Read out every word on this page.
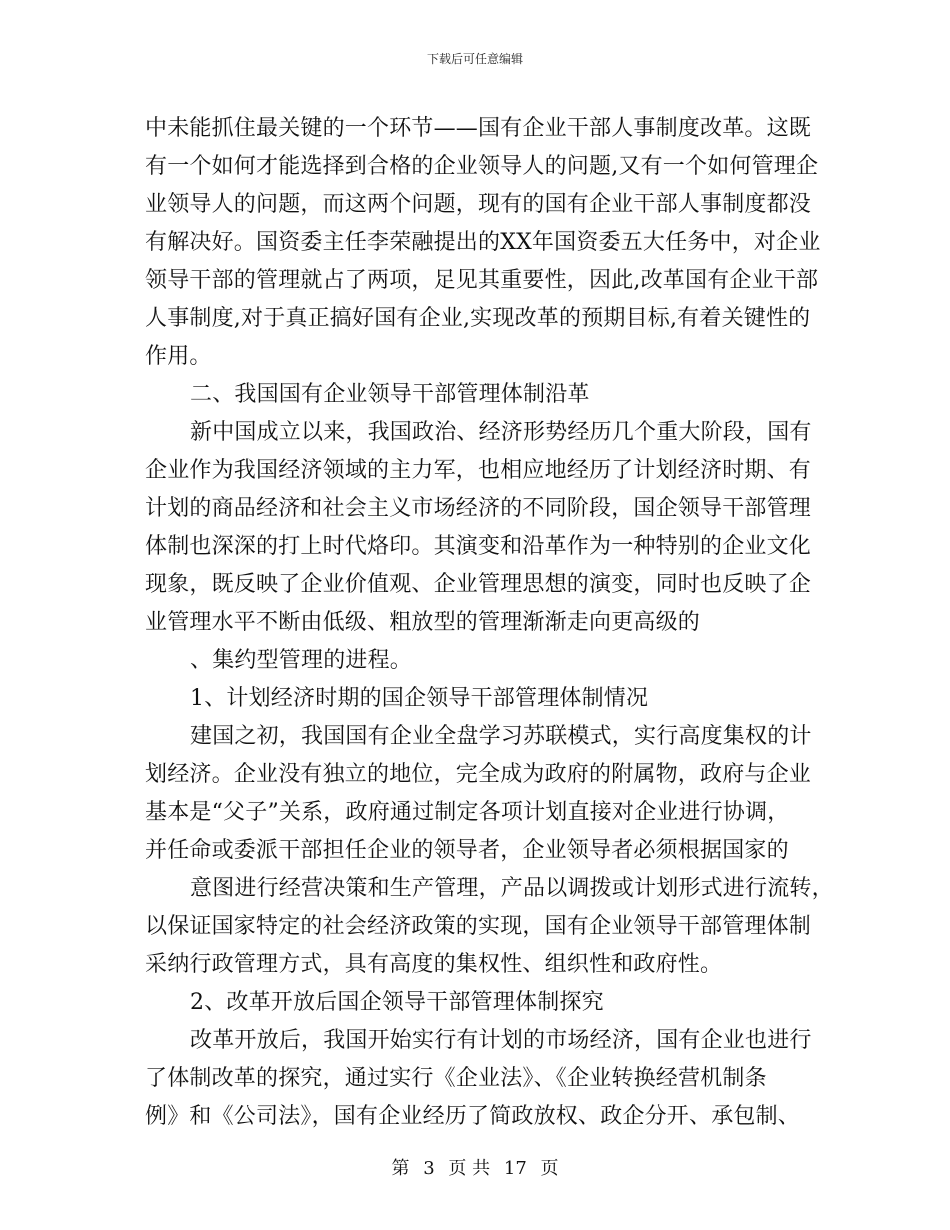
下载后可任意编辑
中未能抓住最关键的一个环节——国有企业干部人事制度改革。这既
有一个如何才能选择到合格的企业领导人的问题,又有一个如何管理企
业领导人的问题，而这两个问题，现有的国有企业干部人事制度都没
有解决好。国资委主任李荣融提出的XX年国资委五大任务中，对企业
领导干部的管理就占了两项，足见其重要性，因此,改革国有企业干部
人事制度,对于真正搞好国有企业,实现改革的预期目标,有着关键性的
作用。
二、我国国有企业领导干部管理体制沿革
新中国成立以来，我国政治、经济形势经历几个重大阶段，国有
企业作为我国经济领域的主力军，也相应地经历了计划经济时期、有
计划的商品经济和社会主义市场经济的不同阶段，国企领导干部管理
体制也深深的打上时代烙印。其演变和沿革作为一种特别的企业文化
现象，既反映了企业价值观、企业管理思想的演变，同时也反映了企
业管理水平不断由低级、粗放型的管理渐渐走向更高级的
、集约型管理的进程。
1、计划经济时期的国企领导干部管理体制情况
建国之初，我国国有企业全盘学习苏联模式，实行高度集权的计
划经济。企业没有独立的地位，完全成为政府的附属物，政府与企业
基本是“父子”关系，政府通过制定各项计划直接对企业进行协调，
并任命或委派干部担任企业的领导者，企业领导者必须根据国家的
意图进行经营决策和生产管理，产品以调拨或计划形式进行流转，
以保证国家特定的社会经济政策的实现，国有企业领导干部管理体制
采纳行政管理方式，具有高度的集权性、组织性和政府性。
2、改革开放后国企领导干部管理体制探究
改革开放后，我国开始实行有计划的市场经济，国有企业也进行
了体制改革的探究，通过实行《企业法》、《企业转换经营机制条
例》和《公司法》，国有企业经历了简政放权、政企分开、承包制、
第 3 页 共 17 页
